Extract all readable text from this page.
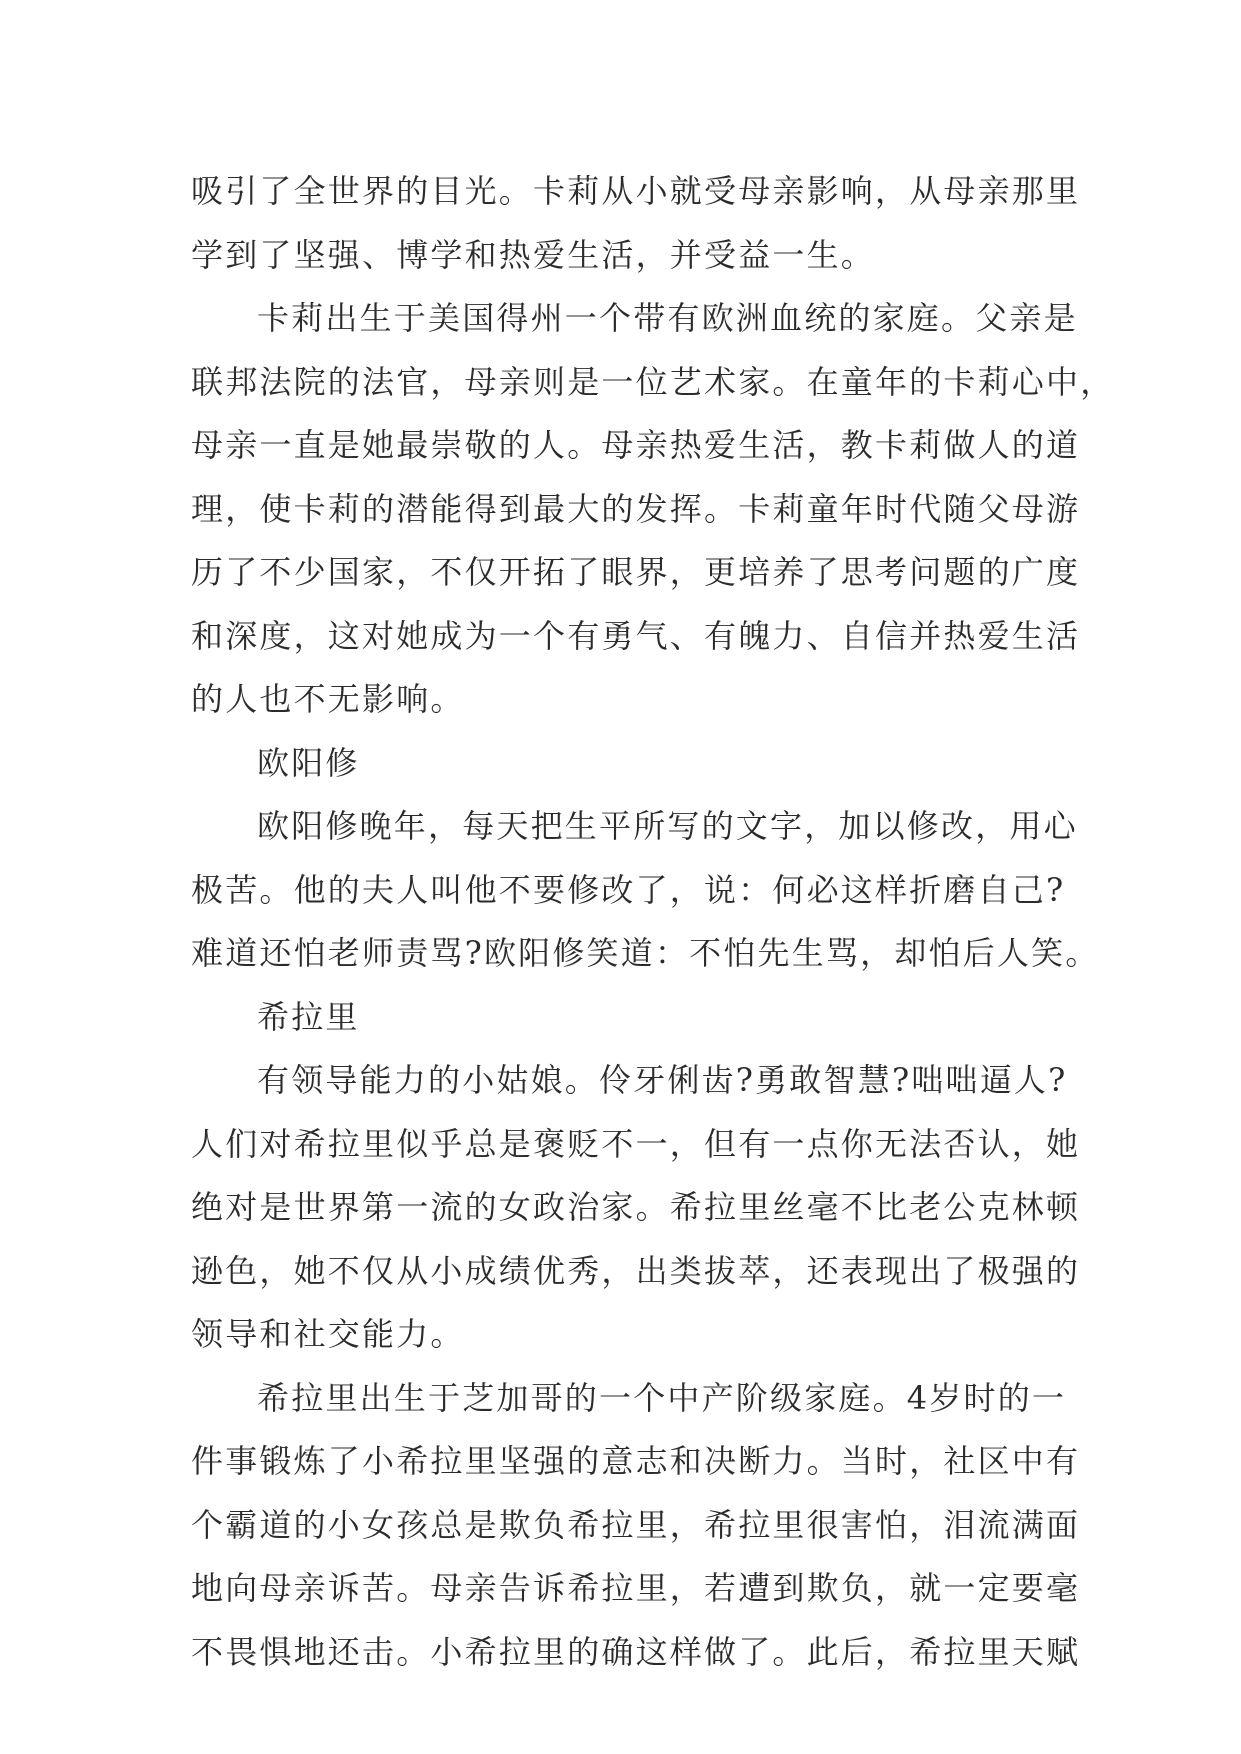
吸引了全世界的目光。卡莉从小就受母亲影响，从母亲那里

学到了坚强、博学和热爱生活，并受益一生。

卡莉出生于美国得州一个带有欧洲血统的家庭。父亲是

联邦法院的法官，母亲则是一位艺术家。在童年的卡莉心中，

母亲一直是她最崇敬的人。母亲热爱生活，教卡莉做人的道

理，使卡莉的潜能得到最大的发挥。卡莉童年时代随父母游

历了不少国家，不仅开拓了眼界，更培养了思考问题的广度

和深度，这对她成为一个有勇气、有魄力、自信并热爱生活

的人也不无影响。

欧阳修

欧阳修晚年，每天把生平所写的文字，加以修改，用心

极苦。他的夫人叫他不要修改了，说：何必这样折磨自己?

难道还怕老师责骂?欧阳修笑道：不怕先生骂，却怕后人笑。

希拉里

有领导能力的小姑娘。伶牙俐齿?勇敢智慧?咄咄逼人?

人们对希拉里似乎总是褒贬不一，但有一点你无法否认，她

绝对是世界第一流的女政治家。希拉里丝毫不比老公克林顿

逊色，她不仅从小成绩优秀，出类拔萃，还表现出了极强的

领导和社交能力。

希拉里出生于芝加哥的一个中产阶级家庭。4岁时的一

件事锻炼了小希拉里坚强的意志和决断力。当时，社区中有

个霸道的小女孩总是欺负希拉里，希拉里很害怕，泪流满面

地向母亲诉苦。母亲告诉希拉里，若遭到欺负，就一定要毫

不畏惧地还击。小希拉里的确这样做了。此后，希拉里天赋
